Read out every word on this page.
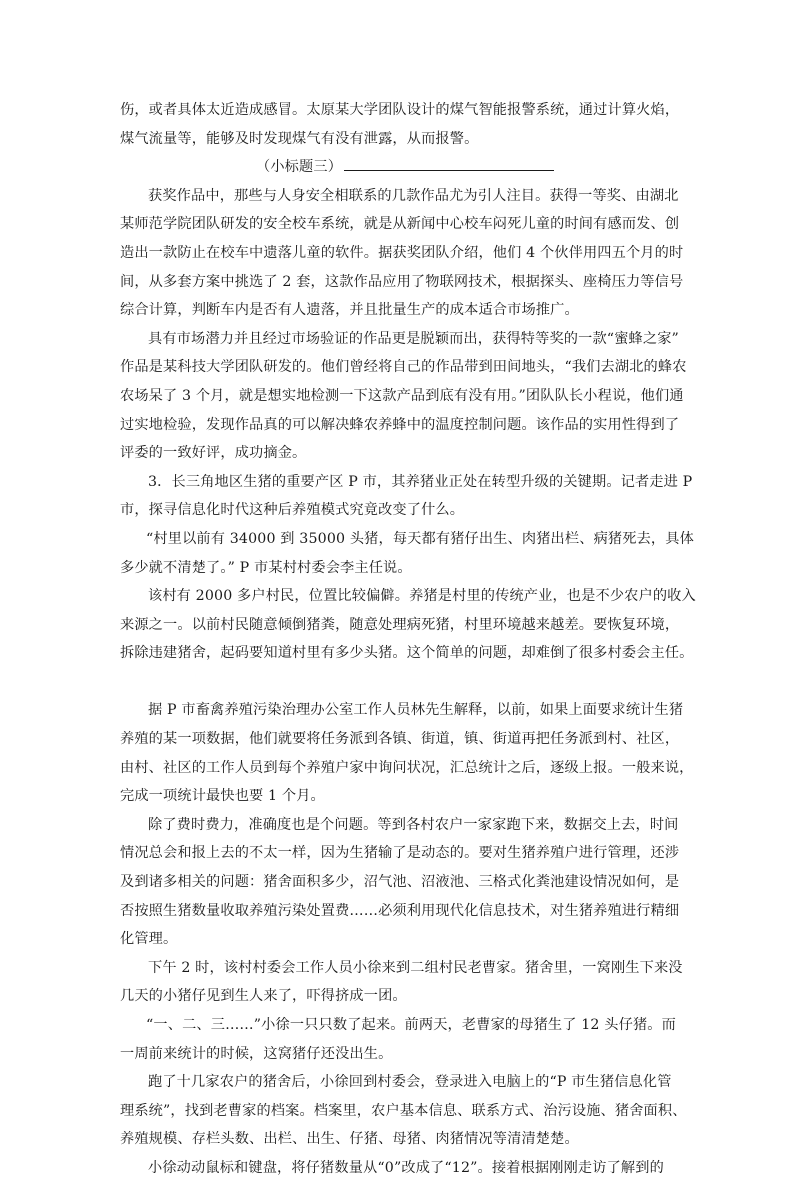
伤，或者具体太近造成感冒。太原某大学团队设计的煤气智能报警系统，通过计算火焰，
煤气流量等，能够及时发现煤气有没有泄露，从而报警。
（小标题三）
获奖作品中，那些与人身安全相联系的几款作品尤为引人注目。获得一等奖、由湖北
某师范学院团队研发的安全校车系统，就是从新闻中心校车闷死儿童的时间有感而发、创
造出一款防止在校车中遗落儿童的软件。据获奖团队介绍，他们 4 个伙伴用四五个月的时
间，从多套方案中挑选了 2 套，这款作品应用了物联网技术，根据探头、座椅压力等信号
综合计算，判断车内是否有人遗落，并且批量生产的成本适合市场推广。
具有市场潜力并且经过市场验证的作品更是脱颖而出，获得特等奖的一款“蜜蜂之家”
作品是某科技大学团队研发的。他们曾经将自己的作品带到田间地头，“我们去湖北的蜂农
农场呆了 3 个月，就是想实地检测一下这款产品到底有没有用。”团队队长小程说，他们通
过实地检验，发现作品真的可以解决蜂农养蜂中的温度控制问题。该作品的实用性得到了
评委的一致好评，成功摘金。
3．长三角地区生猪的重要产区 P 市，其养猪业正处在转型升级的关键期。记者走进 P
市，探寻信息化时代这种后养殖模式究竟改变了什么。
“村里以前有 34000 到 35000 头猪，每天都有猪仔出生、肉猪出栏、病猪死去，具体
多少就不清楚了。” P 市某村村委会李主任说。
该村有 2000 多户村民，位置比较偏僻。养猪是村里的传统产业，也是不少农户的收入
来源之一。以前村民随意倾倒猪粪，随意处理病死猪，村里环境越来越差。要恢复环境，
拆除违建猪舍，起码要知道村里有多少头猪。这个简单的问题，却难倒了很多村委会主任。
据 P 市畜禽养殖污染治理办公室工作人员林先生解释，以前，如果上面要求统计生猪
养殖的某一项数据，他们就要将任务派到各镇、街道，镇、街道再把任务派到村、社区，
由村、社区的工作人员到每个养殖户家中询问状况，汇总统计之后，逐级上报。一般来说，
完成一项统计最快也要 1 个月。
除了费时费力，准确度也是个问题。等到各村农户一家家跑下来，数据交上去，时间
情况总会和报上去的不太一样，因为生猪输了是动态的。要对生猪养殖户进行管理，还涉
及到诸多相关的问题：猪舍面积多少，沼气池、沼液池、三格式化粪池建设情况如何，是
否按照生猪数量收取养殖污染处置费……必须利用现代化信息技术，对生猪养殖进行精细
化管理。
下午 2 时，该村村委会工作人员小徐来到二组村民老曹家。猪舍里，一窝刚生下来没
几天的小猪仔见到生人来了，吓得挤成一团。
“一、二、三……”小徐一只只数了起来。前两天，老曹家的母猪生了 12 头仔猪。而
一周前来统计的时候，这窝猪仔还没出生。
跑了十几家农户的猪舍后，小徐回到村委会，登录进入电脑上的“P 市生猪信息化管
理系统”，找到老曹家的档案。档案里，农户基本信息、联系方式、治污设施、猪舍面积、
养殖规模、存栏头数、出栏、出生、仔猪、母猪、肉猪情况等清清楚楚。
小徐动动鼠标和键盘，将仔猪数量从“0”改成了“12”。接着根据刚刚走访了解到的
